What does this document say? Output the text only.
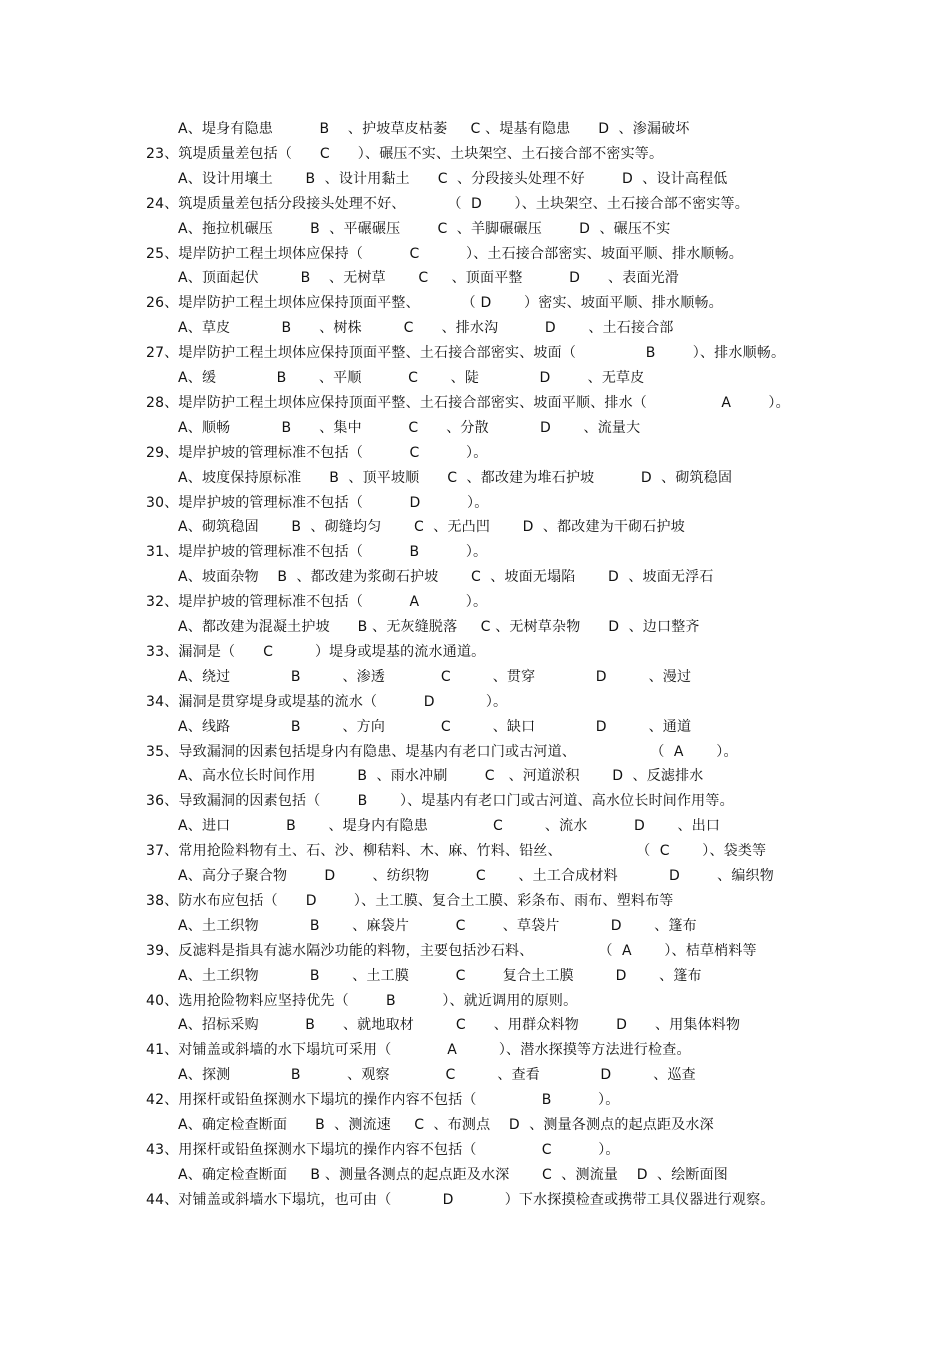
A、堤身有隐患          B    、护坡草皮枯萎     C 、堤基有隐患      D  、渗漏破坏
23、筑堤质量差包括（      C      ）、碾压不实、土块架空、土石接合部不密实等。
A、设计用壤土       B  、设计用黏土      C  、分段接头处理不好        D  、设计高程低
24、筑堤质量差包括分段接头处理不好、         （  D       ）、土块架空、土石接合部不密实等。
A、拖拉机碾压        B  、平碾碾压        C  、羊脚碾碾压        D  、碾压不实
25、堤岸防护工程土坝体应保持（          C          ）、土石接合部密实、坡面平顺、排水顺畅。
A、顶面起伏         B    、无树草       C     、顶面平整          D      、表面光滑
26、堤岸防护工程土坝体应保持顶面平整、         （ D       ）密实、坡面平顺、排水顺畅。
A、草皮           B      、树株         C      、排水沟          D       、土石接合部
27、堤岸防护工程土坝体应保持顶面平整、土石接合部密实、坡面（               B        ）、排水顺畅。
A、缓             B       、平顺          C       、陡             D        、无草皮
28、堤岸防护工程土坝体应保持顶面平整、土石接合部密实、坡面平顺、排水（                A        ）。
A、顺畅           B      、集中          C      、分散           D       、流量大
29、堤岸护坡的管理标准不包括（          C          ）。
A、坡度保持原标准      B  、顶平坡顺      C  、都改建为堆石护坡          D  、砌筑稳固
30、堤岸护坡的管理标准不包括（          D          ）。
A、砌筑稳固       B  、砌缝均匀       C  、无凸凹       D  、都改建为干砌石护坡
31、堤岸护坡的管理标准不包括（          B          ）。
A、坡面杂物    B  、都改建为浆砌石护坡       C  、坡面无塌陷       D  、坡面无浮石
32、堤岸护坡的管理标准不包括（          A          ）。
A、都改建为混凝土护坡      B 、无灰缝脱落     C 、无树草杂物      D  、边口整齐
33、漏洞是（      C         ）堤身或堤基的流水通道。
A、绕过             B         、渗透            C         、贯穿             D         、漫过
34、漏洞是贯穿堤身或堤基的流水（          D           ）。
A、线路             B         、方向            C         、缺口             D         、通道
35、导致漏洞的因素包括堤身内有隐患、堤基内有老口门或古河道、                （  A       ）。
A、高水位长时间作用         B  、雨水冲刷        C   、河道淤积       D  、反滤排水
36、导致漏洞的因素包括（        B       ）、堤基内有老口门或古河道、高水位长时间作用等。
A、进口            B       、堤身内有隐患              C         、流水          D       、出口
37、常用抢险料物有土、石、沙、柳秸料、木、麻、竹料、铅丝、                （  C       ）、袋类等
A、高分子聚合物        D        、纺织物          C       、土工合成材料           D        、编织物
38、防水布应包括（      D        ）、土工膜、复合土工膜、彩条布、雨布、塑料布等
A、土工织物           B       、麻袋片          C        、草袋片           D       、篷布
39、反滤料是指具有滤水隔沙功能的料物，主要包括沙石料、              （  A       ）、桔草梢料等
A、土工织物           B       、土工膜          C        复合土工膜         D       、篷布
40、选用抢险物料应坚持优先（        B          ）、就近调用的原则。
A、招标采购          B      、就地取材         C      、用群众料物        D      、用集体料物
41、对铺盖或斜墙的水下塌坑可采用（            A         ）、潜水探摸等方法进行检查。
A、探测             B          、观察            C         、查看             D         、巡查
42、用探杆或铅鱼探测水下塌坑的操作内容不包括（              B          ）。
A、确定检查断面      B  、测流速     C  、布测点    D  、测量各测点的起点距及水深
43、用探杆或铅鱼探测水下塌坑的操作内容不包括（              C          ）。
A、确定检查断面     B 、测量各测点的起点距及水深       C  、测流量    D  、绘断面图
44、对铺盖或斜墙水下塌坑，也可由（           D           ）下水探摸检查或携带工具仪器进行观察。
